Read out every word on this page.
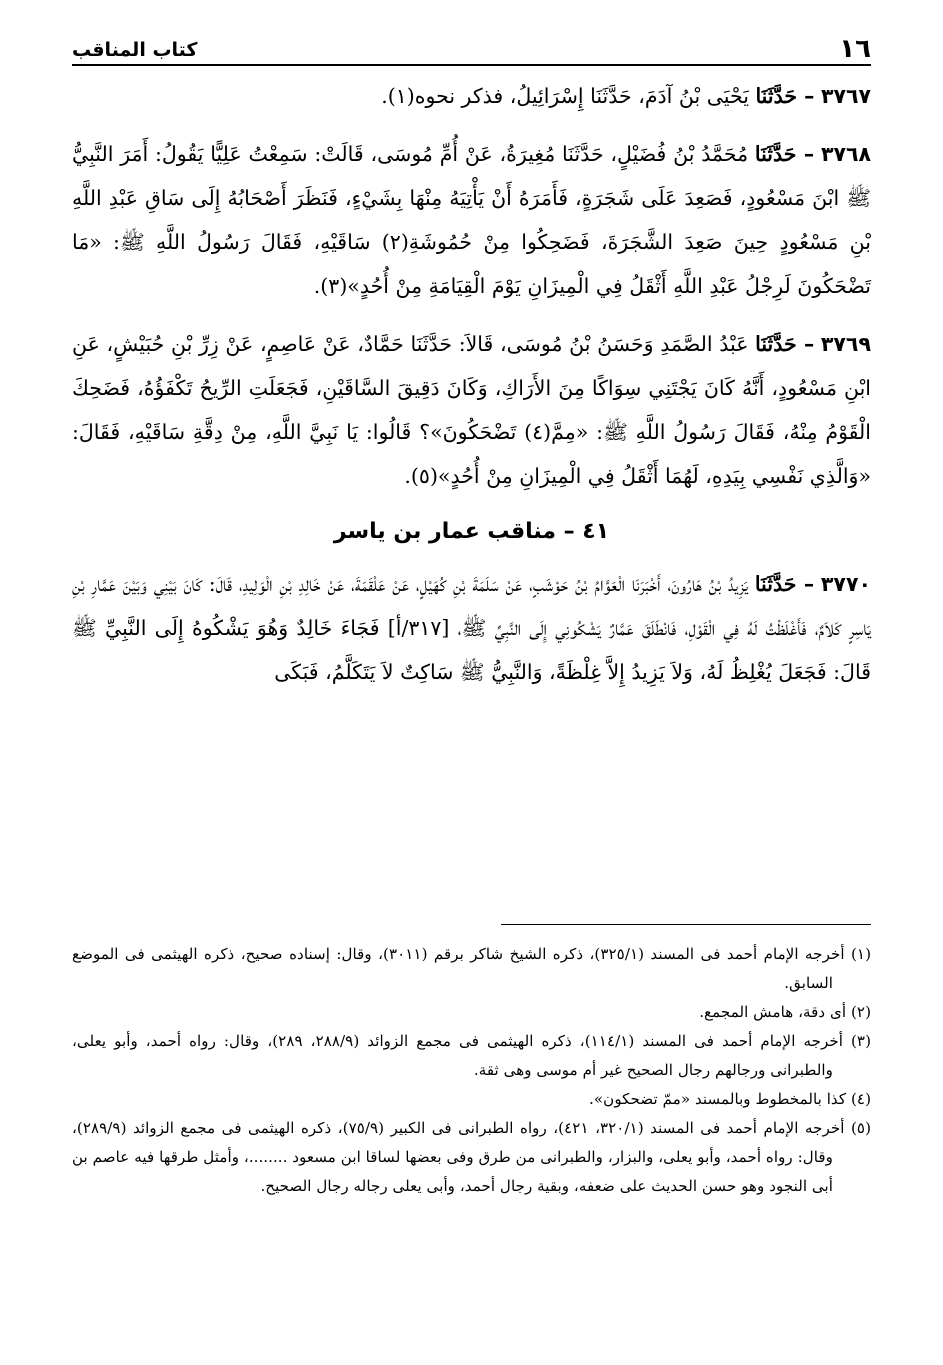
١٦
كتاب المناقب

٣٧٦٧ – حَدَّثَنَا يَحْيَى بْنُ آدَمَ، حَدَّثَنَا إِسْرَائِيلُ، فذكر نحوه(١).

٣٧٦٨ – حَدَّثَنَا مُحَمَّدُ بْنُ فُضَيْلٍ، حَدَّثَنَا مُغِيرَةُ، عَنْ أُمِّ مُوسَى، قَالَتْ: سَمِعْتُ عَلِيًّا يَقُولُ: أَمَرَ النَّبِيُّ ﷺ ابْنَ مَسْعُودٍ، فَصَعِدَ عَلَى شَجَرَةٍ، فَأَمَرَهُ أَنْ يَأْتِيَهُ مِنْهَا بِشَيْءٍ، فَنَظَرَ أَصْحَابُهُ إِلَى سَاقِ عَبْدِ اللَّهِ بْنِ مَسْعُودٍ حِينَ صَعِدَ الشَّجَرَةَ، فَضَحِكُوا مِنْ حُمُوشَةِ(٢) سَاقَيْهِ، فَقَالَ رَسُولُ اللَّهِ ﷺ: «مَا تَضْحَكُونَ لَرِجْلُ عَبْدِ اللَّهِ أَثْقَلُ فِي الْمِيزَانِ يَوْمَ الْقِيَامَةِ مِنْ أُحُدٍ»(٣).

٣٧٦٩ – حَدَّثَنَا عَبْدُ الصَّمَدِ وَحَسَنُ بْنُ مُوسَى، قَالاَ: حَدَّثَنَا حَمَّادٌ، عَنْ عَاصِمٍ، عَنْ زِرِّ بْنِ حُبَيْشٍ، عَنِ ابْنِ مَسْعُودٍ، أَنَّهُ كَانَ يَجْتَنِي سِوَاكًا مِنَ الأَرَاكِ، وَكَانَ دَقِيقَ السَّاقَيْنِ، فَجَعَلَتِ الرِّيحُ تَكْفَؤُهُ، فَضَحِكَ الْقَوْمُ مِنْهُ، فَقَالَ رَسُولُ اللَّهِ ﷺ: «مِمَّ(٤) تَضْحَكُونَ»؟ قَالُوا: يَا نَبِيَّ اللَّهِ، مِنْ دِقَّةِ سَاقَيْهِ، فَقَالَ: «وَالَّذِي نَفْسِي بِيَدِهِ، لَهُمَا أَثْقَلُ فِي الْمِيزَانِ مِنْ أُحُدٍ»(٥).

٤١ – مناقب عمار بن ياسر

٣٧٧٠ – حَدَّثَنَا يَزِيدُ بْنُ هَارُونَ، أَخْبَرَنَا الْعَوَّامُ بْنُ حَوْشَبٍ، عَنْ سَلَمَةَ بْنِ كُهَيْلٍ، عَنْ عَلْقَمَةَ، عَنْ خَالِدِ بْنِ الْوَلِيدِ، قَالَ: كَانَ بَيْنِي وَبَيْنَ عَمَّارِ بْنِ يَاسِرٍ كَلاَمٌ، فَأَغْلَظْتُ لَهُ فِي الْقَوْلِ، فَانْطَلَقَ عَمَّارٌ يَشْكُونِي إِلَى النَّبِيِّ ﷺ، [٣١٧/أ] فَجَاءَ خَالِدٌ وَهُوَ يَشْكُوهُ إِلَى النَّبِيِّ ﷺ قَالَ: فَجَعَلَ يُغْلِظُ لَهُ، وَلاَ يَزِيدُ إِلاَّ غِلْظَةً، وَالنَّبِيُّ ﷺ سَاكِتٌ لاَ يَتَكَلَّمُ، فَبَكَى

(١) أخرجه الإمام أحمد فى المسند (٣٢٥/١)، ذكره الشيخ شاكر برقم (٣٠١١)، وقال: إسناده صحيح، ذكره الهيثمى فى الموضع السابق.

(٢) أى دقة، هامش المجمع.

(٣) أخرجه الإمام أحمد فى المسند (١١٤/١)، ذكره الهيثمى فى مجمع الزوائد (٢٨٨/٩، ٢٨٩)، وقال: رواه أحمد، وأبو يعلى، والطبرانى ورجالهم رجال الصحيح غير أم موسى وهى ثقة.

(٤) كذا بالمخطوط وبالمسند «ممّ تضحكون».

(٥) أخرجه الإمام أحمد فى المسند (٣٢٠/١، ٤٢١)، رواه الطبرانى فى الكبير (٧٥/٩)، ذكره الهيثمى فى مجمع الزوائد (٢٨٩/٩)، وقال: رواه أحمد، وأبو يعلى، والبزار، والطبرانى من طرق وفى بعضها لساقا ابن مسعود ........، وأمثل طرقها فيه عاصم بن أبى النجود وهو حسن الحديث على ضعفه، وبقية رجال أحمد، وأبى يعلى رجاله رجال الصحيح.
